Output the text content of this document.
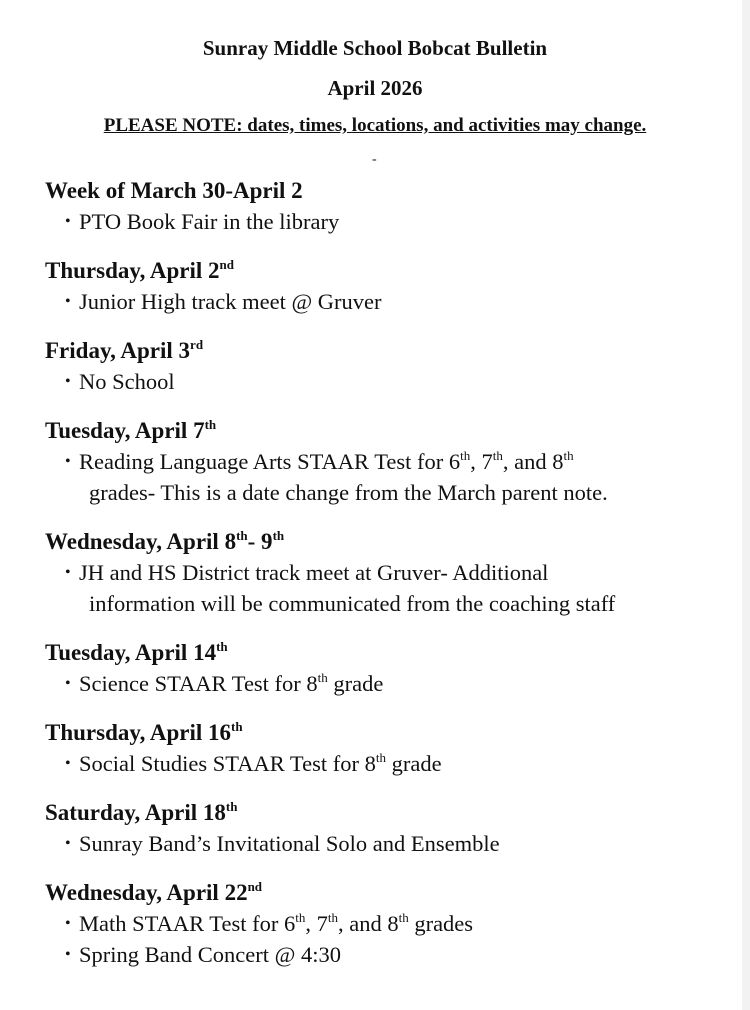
Sunray Middle School Bobcat Bulletin
April 2026
PLEASE NOTE: dates, times, locations, and activities may change.
-
Week of March 30-April 2
• PTO Book Fair in the library
Thursday, April 2nd
• Junior High track meet @ Gruver
Friday, April 3rd
• No School
Tuesday, April 7th
• Reading Language Arts STAAR Test for 6th, 7th, and 8th
grades- This is a date change from the March parent note.
Wednesday, April 8th- 9th
• JH and HS District track meet at Gruver- Additional
information will be communicated from the coaching staff
Tuesday, April 14th
• Science STAAR Test for 8th grade
Thursday, April 16th
• Social Studies STAAR Test for 8th grade
Saturday, April 18th
• Sunray Band’s Invitational Solo and Ensemble
Wednesday, April 22nd
• Math STAAR Test for 6th, 7th, and 8th grades
• Spring Band Concert @ 4:30
